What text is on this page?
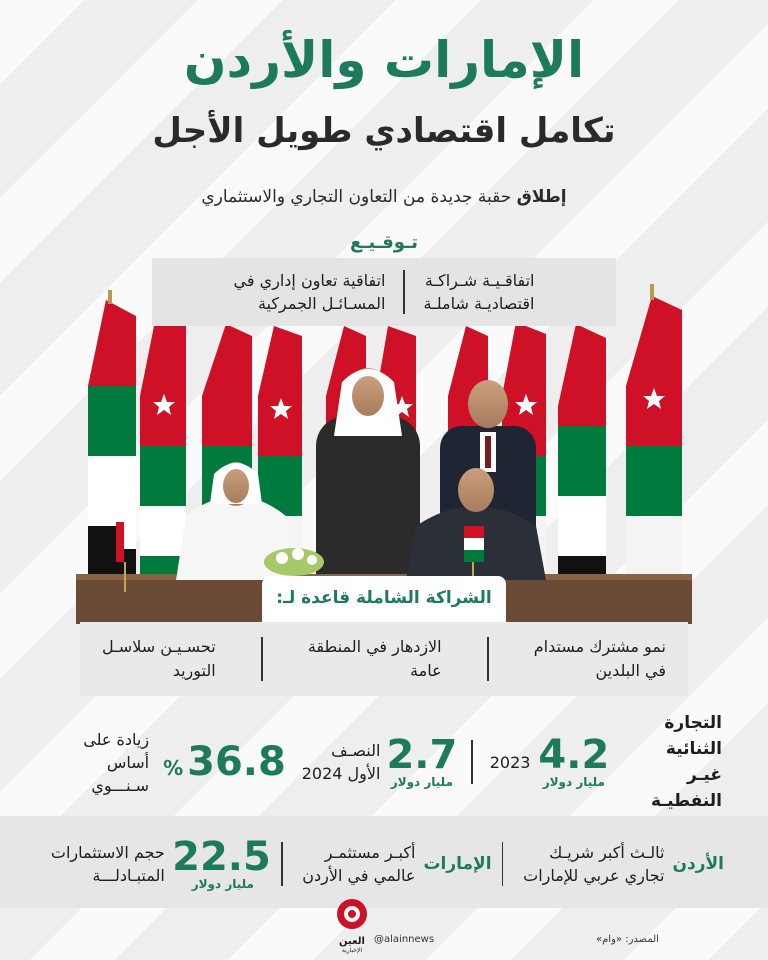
الإمارات والأردن
تكامل اقتصادي طويل الأجل
إطلاق حقبة جديدة من التعاون التجاري والاستثماري
تـوقـيـع
اتفاقـيـة شـراكـة
اقتصاديـة شاملـة
اتفاقية تعاون إداري في
المسـائـل الجمركية
الشراكة الشاملة قاعدة لـ:
نمو مشترك مستدام
في البلدين
الازدهار في المنطقة
عامة
تحسـيـن سلاسـل
التوريد
التجارة الثنائية
غيـر النفطيـة
4.2
مليار دولار
2023
2.7
مليار دولار
النصـف
الأول 2024
% 36.8
زيادة على أساس
سـنـــوي
الأردن
ثالـث أكبر شريـك
تجاري عربي للإمارات
الإمارات
أكبـر مستثمـر
عالمي في الأردن
22.5
مليار دولار
حجم الاستثمارات
المتبـادلـــة
العين
الإخبارية
@alainnews	المصدر: «وام»
